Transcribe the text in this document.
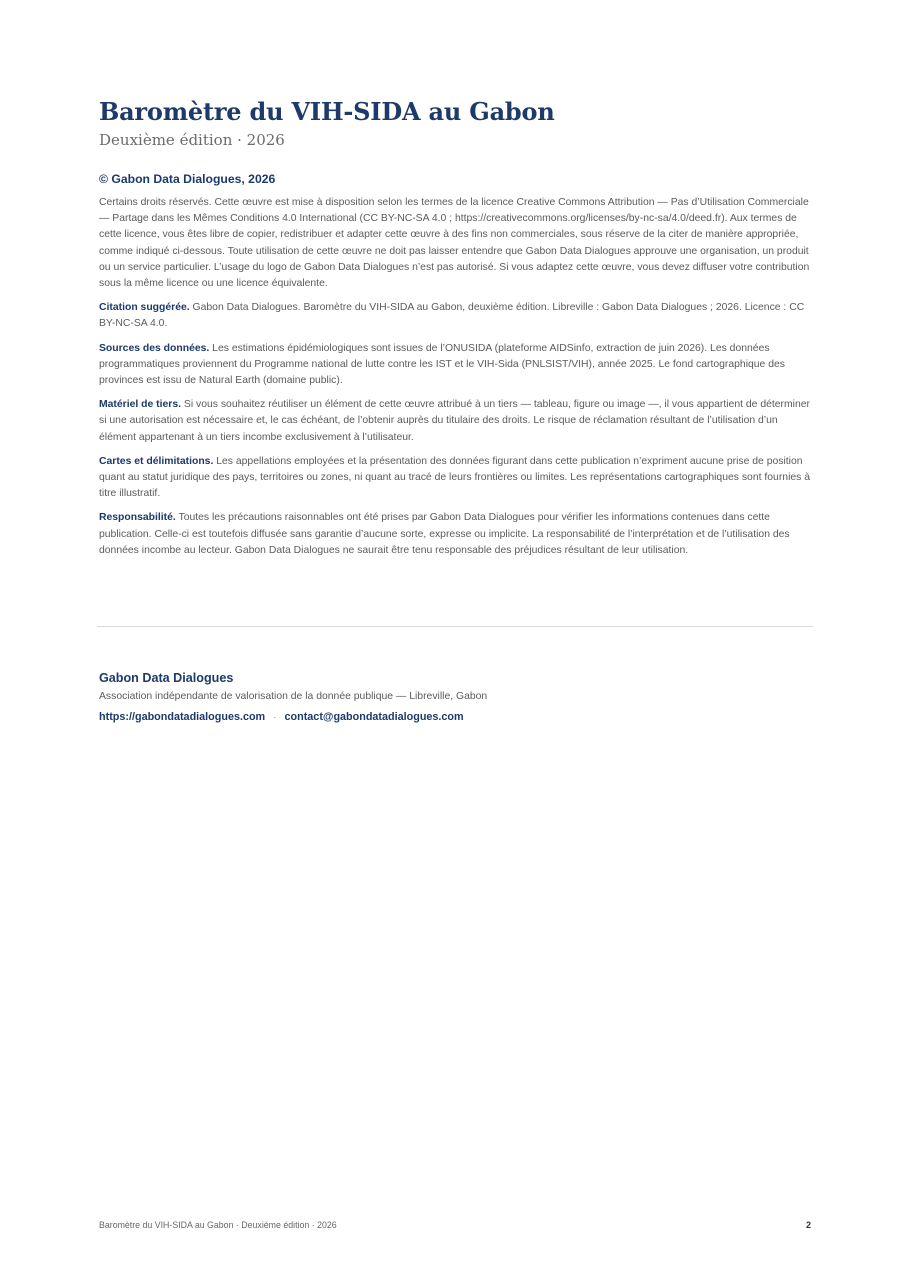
Baromètre du VIH-SIDA au Gabon
Deuxième édition · 2026
© Gabon Data Dialogues, 2026

Certains droits réservés. Cette œuvre est mise à disposition selon les termes de la licence Creative Commons Attribution — Pas d’Utilisation Commerciale — Partage dans les Mêmes Conditions 4.0 International (CC BY-NC-SA 4.0 ; https://creativecommons.org/licenses/by-nc-sa/4.0/deed.fr). Aux termes de cette licence, vous êtes libre de copier, redistribuer et adapter cette œuvre à des fins non commerciales, sous réserve de la citer de manière appropriée, comme indiqué ci-dessous. Toute utilisation de cette œuvre ne doit pas laisser entendre que Gabon Data Dialogues approuve une organisation, un produit ou un service particulier. L’usage du logo de Gabon Data Dialogues n’est pas autorisé. Si vous adaptez cette œuvre, vous devez diffuser votre contribution sous la même licence ou une licence équivalente.

Citation suggérée. Gabon Data Dialogues. Baromètre du VIH-SIDA au Gabon, deuxième édition. Libreville : Gabon Data Dialogues ; 2026. Licence : CC BY-NC-SA 4.0.

Sources des données. Les estimations épidémiologiques sont issues de l’ONUSIDA (plateforme AIDSinfo, extraction de juin 2026). Les données programmatiques proviennent du Programme national de lutte contre les IST et le VIH-Sida (PNLSIST/VIH), année 2025. Le fond cartographique des provinces est issu de Natural Earth (domaine public).

Matériel de tiers. Si vous souhaitez réutiliser un élément de cette œuvre attribué à un tiers — tableau, figure ou image —, il vous appartient de déterminer si une autorisation est nécessaire et, le cas échéant, de l’obtenir auprès du titulaire des droits. Le risque de réclamation résultant de l’utilisation d’un élément appartenant à un tiers incombe exclusivement à l’utilisateur.

Cartes et délimitations. Les appellations employées et la présentation des données figurant dans cette publication n’expriment aucune prise de position quant au statut juridique des pays, territoires ou zones, ni quant au tracé de leurs frontières ou limites. Les représentations cartographiques sont fournies à titre illustratif.

Responsabilité. Toutes les précautions raisonnables ont été prises par Gabon Data Dialogues pour vérifier les informations contenues dans cette publication. Celle-ci est toutefois diffusée sans garantie d’aucune sorte, expresse ou implicite. La responsabilité de l’interprétation et de l’utilisation des données incombe au lecteur. Gabon Data Dialogues ne saurait être tenu responsable des préjudices résultant de leur utilisation.

Gabon Data Dialogues
Association indépendante de valorisation de la donnée publique — Libreville, Gabon
https://gabondatadialogues.com · contact@gabondatadialogues.com
Baromètre du VIH-SIDA au Gabon · Deuxième édition · 2026	2
